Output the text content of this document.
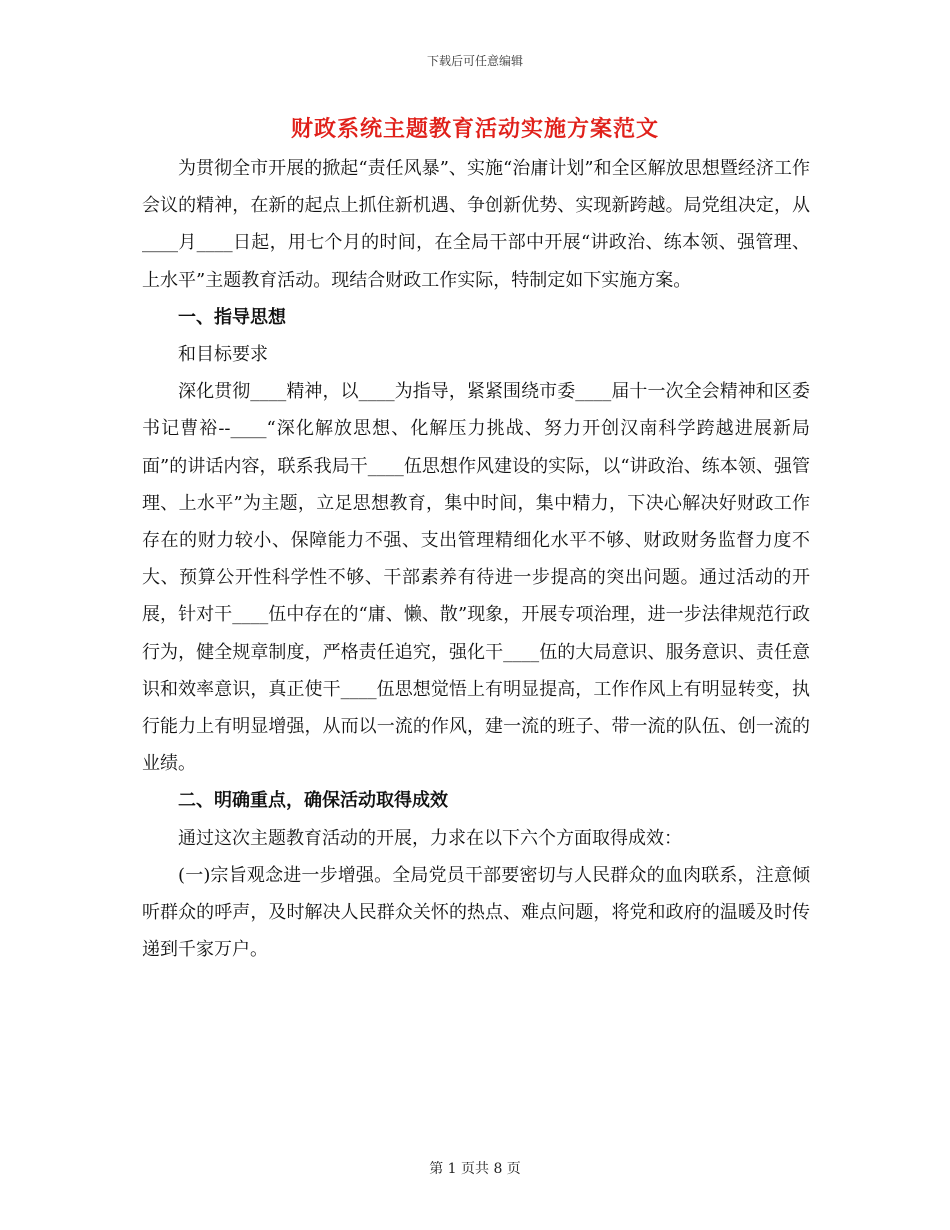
下载后可任意编辑
财政系统主题教育活动实施方案范文

为贯彻全市开展的掀起“责任风暴”、实施“治庸计划”和全区解放思想暨经济工作会议的精神，在新的起点上抓住新机遇、争创新优势、实现新跨越。局党组决定，从____月____日起，用七个月的时间，在全局干部中开展“讲政治、练本领、强管理、上水平”主题教育活动。现结合财政工作实际，特制定如下实施方案。

一、指导思想

和目标要求

深化贯彻____精神，以____为指导，紧紧围绕市委____届十一次全会精神和区委书记曹裕--____“深化解放思想、化解压力挑战、努力开创汉南科学跨越进展新局面”的讲话内容，联系我局干____伍思想作风建设的实际，以“讲政治、练本领、强管理、上水平”为主题，立足思想教育，集中时间，集中精力，下决心解决好财政工作存在的财力较小、保障能力不强、支出管理精细化水平不够、财政财务监督力度不大、预算公开性科学性不够、干部素养有待进一步提高的突出问题。通过活动的开展，针对干____伍中存在的“庸、懒、散”现象，开展专项治理，进一步法律规范行政行为，健全规章制度，严格责任追究，强化干____伍的大局意识、服务意识、责任意识和效率意识，真正使干____伍思想觉悟上有明显提高，工作作风上有明显转变，执行能力上有明显增强，从而以一流的作风，建一流的班子、带一流的队伍、创一流的业绩。

二、明确重点，确保活动取得成效

通过这次主题教育活动的开展，力求在以下六个方面取得成效：

(一)宗旨观念进一步增强。全局党员干部要密切与人民群众的血肉联系，注意倾听群众的呼声，及时解决人民群众关怀的热点、难点问题，将党和政府的温暖及时传递到千家万户。

第 1 页共 8 页
